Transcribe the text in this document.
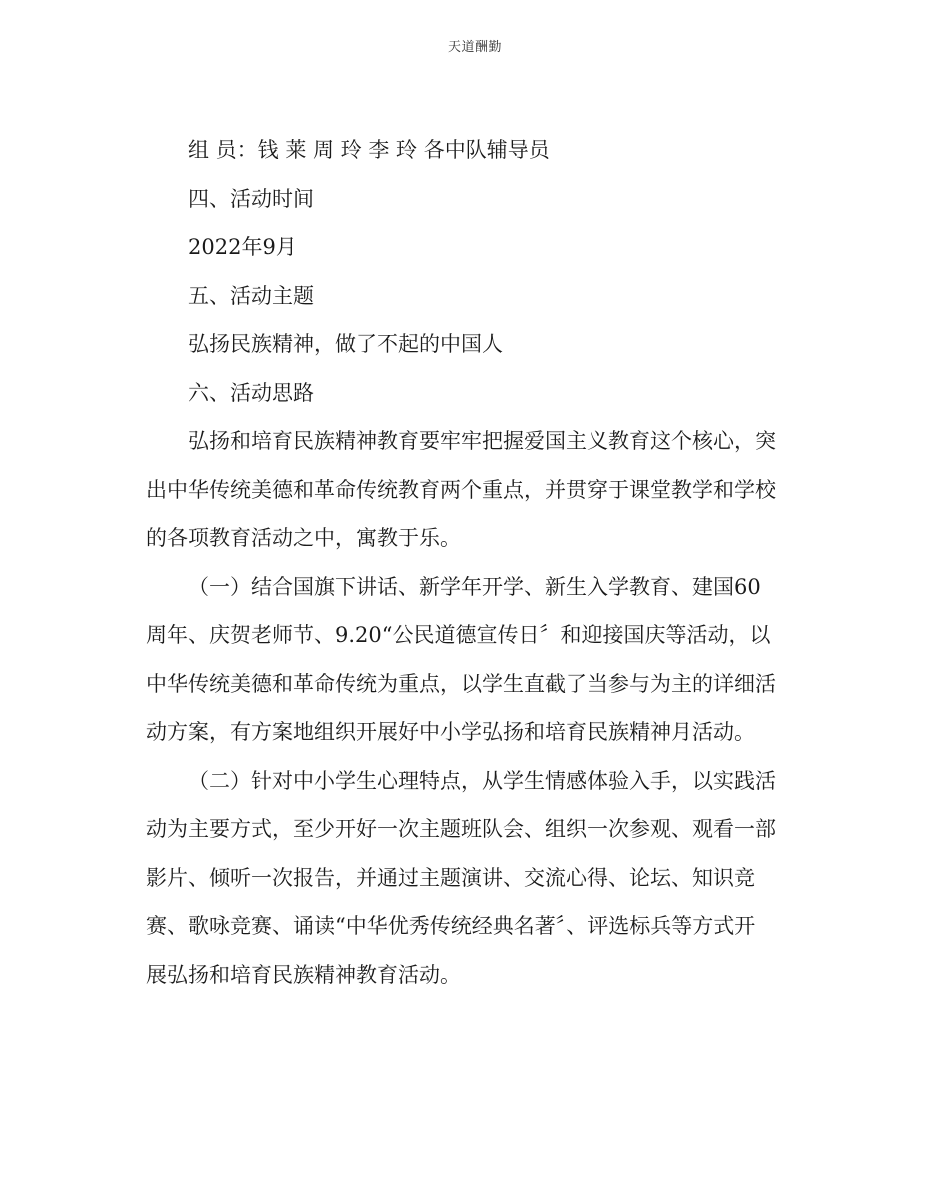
天道酬勤
组 员：钱 莱 周 玲 李 玲 各中队辅导员
四、活动时间
2022年9月
五、活动主题
弘扬民族精神，做了不起的中国人
六、活动思路
弘扬和培育民族精神教育要牢牢把握爱国主义教育这个核心，突
出中华传统美德和革命传统教育两个重点，并贯穿于课堂教学和学校
的各项教育活动之中，寓教于乐。
（一）结合国旗下讲话、新学年开学、新生入学教育、建国60
周年、庆贺老师节、9.20“公民道德宣传日〞和迎接国庆等活动，以
中华传统美德和革命传统为重点，以学生直截了当参与为主的详细活
动方案，有方案地组织开展好中小学弘扬和培育民族精神月活动。
（二）针对中小学生心理特点，从学生情感体验入手，以实践活
动为主要方式，至少开好一次主题班队会、组织一次参观、观看一部
影片、倾听一次报告，并通过主题演讲、交流心得、论坛、知识竞
赛、歌咏竞赛、诵读“中华优秀传统经典名著〞、评选标兵等方式开
展弘扬和培育民族精神教育活动。
